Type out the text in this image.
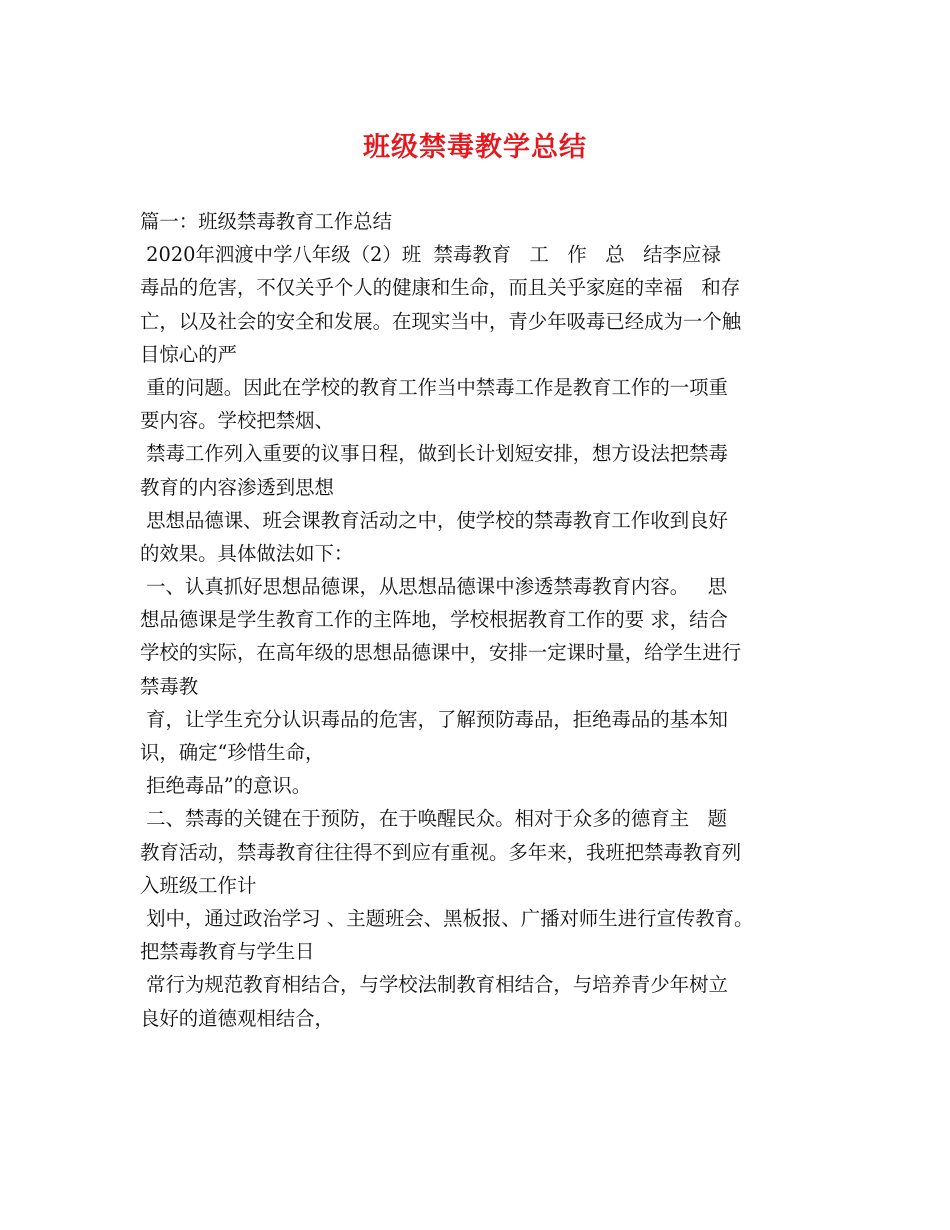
班级禁毒教学总结
篇一：班级禁毒教育工作总结
2020年泗渡中学八年级（2）班  禁毒教育   工   作   总   结李应禄
毒品的危害，不仅关乎个人的健康和生命，而且关乎家庭的幸福   和存
亡，以及社会的安全和发展。在现实当中，青少年吸毒已经成为一个触
目惊心的严
重的问题。因此在学校的教育工作当中禁毒工作是教育工作的一项重
要内容。学校把禁烟、
禁毒工作列入重要的议事日程，做到长计划短安排，想方设法把禁毒
教育的内容渗透到思想
思想品德课、班会课教育活动之中，使学校的禁毒教育工作收到良好
的效果。具体做法如下：
一、认真抓好思想品德课，从思想品德课中渗透禁毒教育内容。   思
想品德课是学生教育工作的主阵地，学校根据教育工作的要 求，结合
学校的实际，在高年级的思想品德课中，安排一定课时量，给学生进行
禁毒教
育，让学生充分认识毒品的危害，了解预防毒品，拒绝毒品的基本知
识，确定“珍惜生命，
拒绝毒品”的意识。
二、禁毒的关键在于预防，在于唤醒民众。相对于众多的德育主   题
教育活动，禁毒教育往往得不到应有重视。多年来，我班把禁毒教育列
入班级工作计
划中，通过政治学习 、主题班会、黑板报、广播对师生进行宣传教育。
把禁毒教育与学生日
常行为规范教育相结合，与学校法制教育相结合，与培养青少年树立
良好的道德观相结合，
